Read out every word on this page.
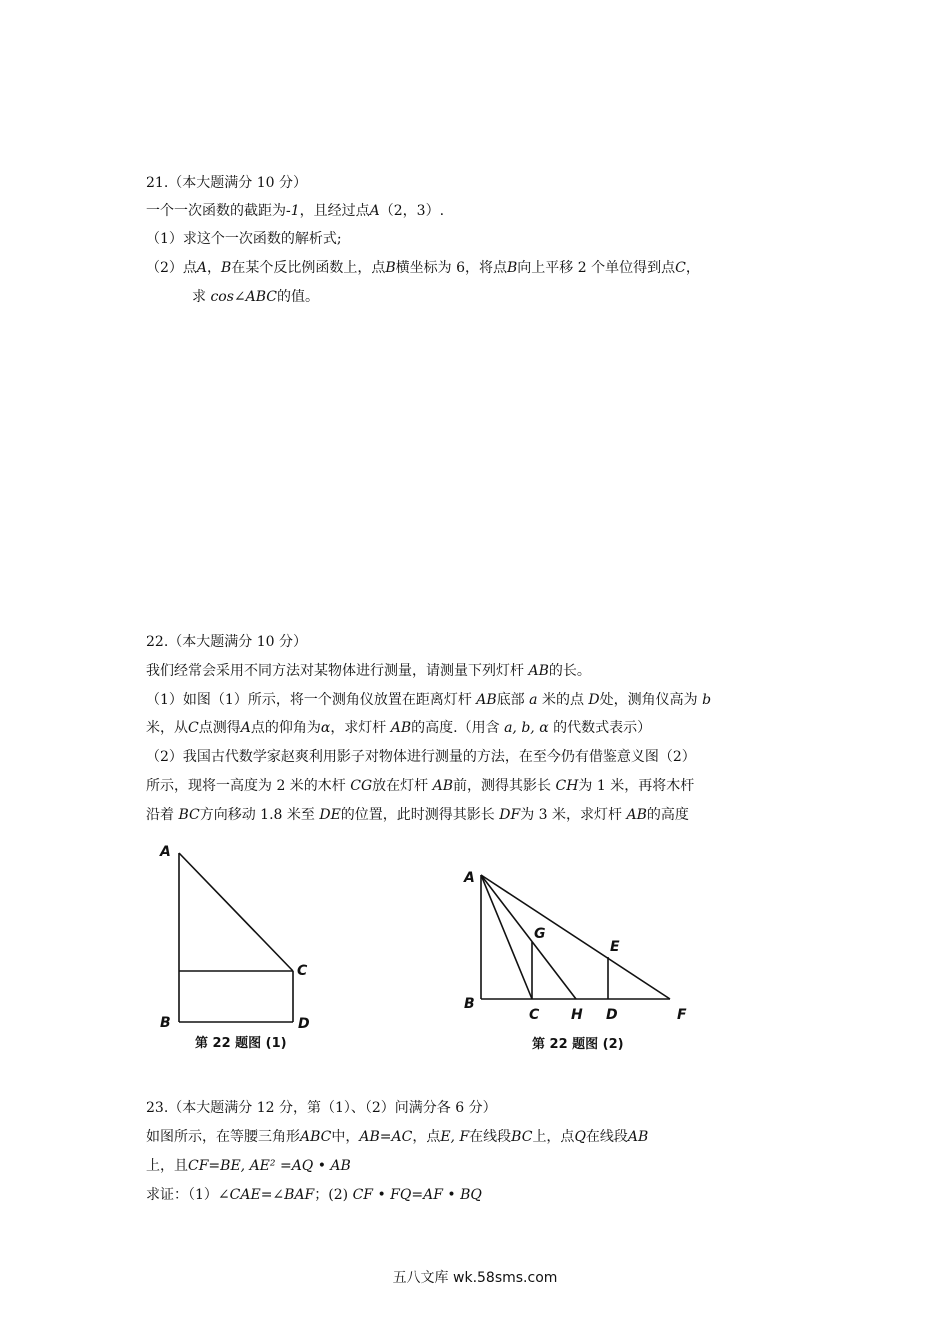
21.（本大题满分 10 分）
一个一次函数的截距为-1，且经过点A（2，3）.
（1）求这个一次函数的解析式;
（2）点A，B在某个反比例函数上，点B横坐标为 6，将点B向上平移 2 个单位得到点C，
求 cos∠ABC的值。
22.（本大题满分 10 分）
我们经常会采用不同方法对某物体进行测量，请测量下列灯杆 AB的长。
（1）如图（1）所示，将一个测角仪放置在距离灯杆 AB底部 a 米的点 D处，测角仪高为 b
米，从C点测得A点的仰角为α，求灯杆 AB的高度.（用含 a, b, α 的代数式表示）
（2）我国古代数学家赵爽利用影子对物体进行测量的方法，在至今仍有借鉴意义图（2）
所示，现将一高度为 2 米的木杆 CG放在灯杆 AB前，测得其影长 CH为 1 米，再将木杆
沿着 BC方向移动 1.8 米至 DE的位置，此时测得其影长 DF为 3 米，求灯杆 AB的高度
A
B
C
D
第 22 题图 (1)
A
B
G
E
C H D	F
第 22 题图 (2)
23.（本大题满分 12 分，第（1）、（2）问满分各 6 分）
如图所示，在等腰三角形ABC中，AB=AC，点E, F在线段BC上，点Q在线段AB
上，且CF=BE, AE² =AQ • AB
求证：（1）∠CAE=∠BAF；(2) CF • FQ=AF • BQ
五八文库 wk.58sms.com
